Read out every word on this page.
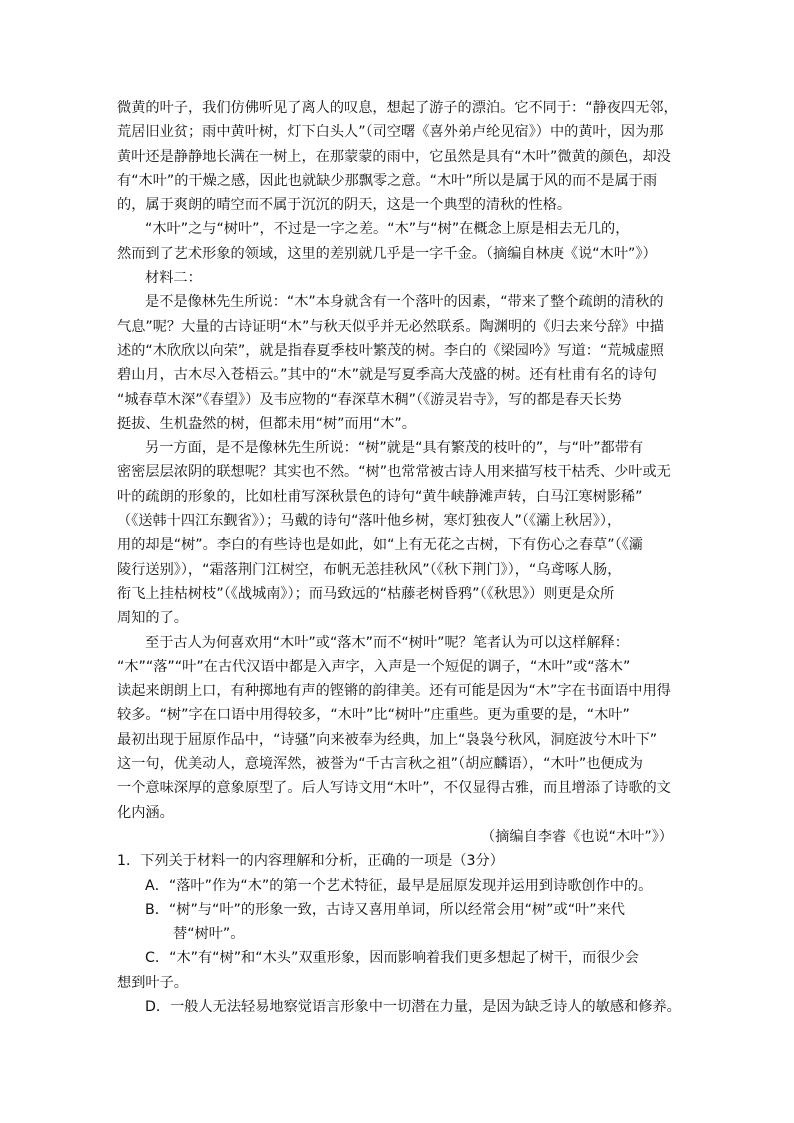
微黄的叶子，我们仿佛听见了离人的叹息，想起了游子的漂泊。它不同于：“静夜四无邻，
荒居旧业贫；雨中黄叶树，灯下白头人”（司空曙《喜外弟卢纶见宿》）中的黄叶，因为那
黄叶还是静静地长满在一树上，在那蒙蒙的雨中，它虽然是具有“木叶”微黄的颜色，却没
有“木叶”的干燥之感，因此也就缺少那飘零之意。“木叶”所以是属于风的而不是属于雨
的，属于爽朗的晴空而不属于沉沉的阴天，这是一个典型的清秋的性格。
“木叶”之与“树叶”，不过是一字之差。“木”与“树”在概念上原是相去无几的，
然而到了艺术形象的领域，这里的差别就几乎是一字千金。（摘编自林庚《说“木叶”》）
材料二：
是不是像林先生所说：“木”本身就含有一个落叶的因素，“带来了整个疏朗的清秋的
气息”呢？大量的古诗证明“木”与秋天似乎并无必然联系。陶渊明的《归去来兮辞》中描
述的“木欣欣以向荣”，就是指春夏季枝叶繁茂的树。李白的《梁园吟》写道：“荒城虚照
碧山月，古木尽入苍梧云。”其中的“木”就是写夏季高大茂盛的树。还有杜甫有名的诗句
“城春草木深”《春望》）及韦应物的“春深草木稠”（《游灵岩寺》，写的都是春天长势
挺拔、生机盎然的树，但都未用“树”而用“木”。
另一方面，是不是像林先生所说：“树”就是“具有繁茂的枝叶的”，与“叶”都带有
密密层层浓阴的联想呢？其实也不然。“树”也常常被古诗人用来描写枝干枯秃、少叶或无
叶的疏朗的形象的，比如杜甫写深秋景色的诗句“黄牛峡静滩声转，白马江寒树影稀”
（《送韩十四江东觐省》）；马戴的诗句“落叶他乡树，寒灯独夜人”（《灞上秋居》），
用的却是“树”。李白的有些诗也是如此，如“上有无花之古树，下有伤心之春草”（《灞
陵行送别》），“霜落荆门江树空，布帆无恙挂秋风”（《秋下荆门》），“乌鸢啄人肠，
衔飞上挂枯树枝”（《战城南》）；而马致远的“枯藤老树昏鸦”（《秋思》）则更是众所
周知的了。
至于古人为何喜欢用“木叶”或“落木”而不“树叶”呢？笔者认为可以这样解释：
“木”“落”“叶”在古代汉语中都是入声字，入声是一个短促的调子，“木叶”或“落木”
读起来朗朗上口，有种掷地有声的铿锵的韵律美。还有可能是因为“木”字在书面语中用得
较多。“树”字在口语中用得较多，“木叶”比“树叶”庄重些。更为重要的是，“木叶”
最初出现于屈原作品中，“诗骚”向来被奉为经典，加上“袅袅兮秋风，洞庭波兮木叶下”
这一句，优美动人，意境浑然，被誉为“千古言秋之祖”（胡应麟语），“木叶”也便成为
一个意味深厚的意象原型了。后人写诗文用“木叶”，不仅显得古雅，而且增添了诗歌的文
化内涵。
（摘编自李睿《也说“木叶”》）
1．下列关于材料一的内容理解和分析，正确的一项是（3分）
A．“落叶”作为“木”的第一个艺术特征，最早是屈原发现并运用到诗歌创作中的。
B．“树”与“叶”的形象一致，古诗又喜用单词，所以经常会用“树”或“叶”来代
替“树叶”。
C．“木”有“树”和“木头”双重形象，因而影响着我们更多想起了树干，而很少会
想到叶子。
D．一般人无法轻易地察觉语言形象中一切潜在力量，是因为缺乏诗人的敏感和修养。
